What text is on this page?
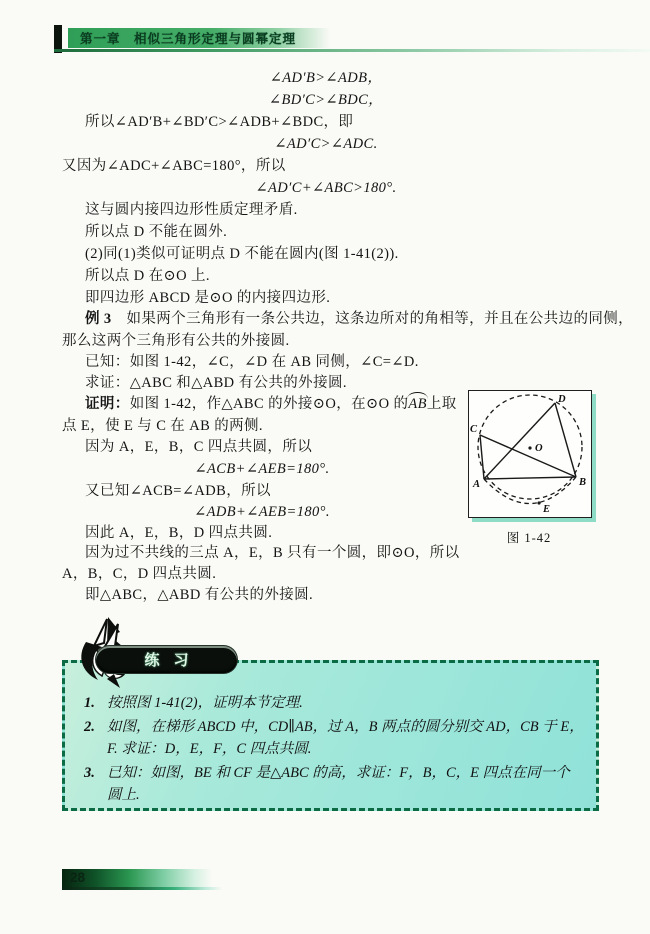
第一章　相似三角形定理与圆幂定理
∠AD′B>∠ADB，
∠BD′C>∠BDC，
所以∠AD′B+∠BD′C>∠ADB+∠BDC，即
∠AD′C>∠ADC.
又因为∠ADC+∠ABC=180°，所以
∠AD′C+∠ABC>180°.
这与圆内接四边形性质定理矛盾.
所以点 D 不能在圆外.
(2)同(1)类似可证明点 D 不能在圆内(图 1-41(2)).
所以点 D 在⊙O 上.
即四边形 ABCD 是⊙O 的内接四边形.
例 3　如果两个三角形有一条公共边，这条边所对的角相等，并且在公共边的同侧，
那么这两个三角形有公共的外接圆.
已知：如图 1-42，∠C，∠D 在 AB 同侧，∠C=∠D.
求证：△ABC 和△ABD 有公共的外接圆.
证明：如图 1-42，作△ABC 的外接⊙O，在⊙O 的AB上取
点 E，使 E 与 C 在 AB 的两侧.
因为 A，E，B，C 四点共圆，所以
∠ACB+∠AEB=180°.
又已知∠ACB=∠ADB，所以
∠ADB+∠AEB=180°.
因此 A，E，B，D 四点共圆.
因为过不共线的三点 A，E，B 只有一个圆，即⊙O，所以
A，B，C，D 四点共圆.
即△ABC，△ABD 有公共的外接圆.
A	B
C
D
E
O
图 1-42
练习
1. 按照图 1-41(2)，证明本节定理.
2. 如图，在梯形 ABCD 中，CD∥AB，过 A，B 两点的圆分别交 AD，CB 于 E，F. 求证：D，E，F，C 四点共圆.
3. 已知：如图，BE 和 CF 是△ABC 的高，求证：F，B，C，E 四点在同一个圆上.
28
